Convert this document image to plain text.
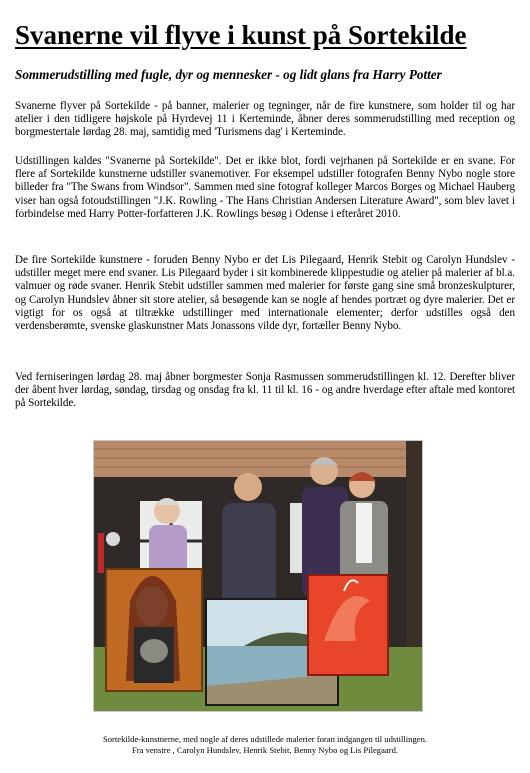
Svanerne vil flyve i kunst på Sortekilde
Sommerudstilling med fugle, dyr og mennesker - og lidt glans fra Harry Potter

Svanerne flyver på Sortekilde - på banner, malerier og tegninger, når de fire kunstnere, som holder til og har atelier i den tidligere højskole på Hyrdevej 11 i Kerteminde, åbner deres sommerudstilling med reception og borgmestertale lørdag 28. maj, samtidig med 'Turismens dag' i Kerteminde.

Udstillingen kaldes "Svanerne på Sortekilde". Det er ikke blot, fordi vejrhanen på Sortekilde er en svane. For flere af Sortekilde kunstnerne udstiller svanemotiver. For eksempel udstiller fotografen Benny Nybo nogle store billeder fra "The Swans from Windsor". Sammen med sine fotograf kolleger Marcos Borges og Michael Hauberg viser han også fotoudstillingen "J.K. Rowling - The Hans Christian Andersen Literature Award", som blev lavet i forbindelse med Harry Potter-forfatteren J.K. Rowlings besøg i Odense i efteråret 2010.

De fire Sortekilde kunstnere - foruden Benny Nybo er det Lis Pilegaard, Henrik Stebit og Carolyn Hundslev - udstiller meget mere end svaner. Lis Pilegaard byder i sit kombinerede klippestudie og atelier på malerier af bl.a. valmuer og røde svaner. Henrik Stebit udstiller sammen med malerier for første gang sine små bronzeskulpturer, og Carolyn Hundslev åbner sit store atelier, så besøgende kan se nogle af hendes portræt og dyre malerier. Det er vigtigt for os også at tiltrække udstillinger med internationale elementer; derfor udstilles også den verdensberømte, svenske glaskunstner Mats Jonassons vilde dyr, fortæller Benny Nybo.

Ved ferniseringen lørdag 28. maj åbner borgmester Sonja Rasmussen sommerudstillingen kl. 12. Derefter bliver der åbent hver lørdag, søndag, tirsdag og onsdag fra kl. 11 til kl. 16 - og andre hverdage efter aftale med kontoret på Sortekilde.

Sortekilde-kunstnerne, med nogle af deres udstillede malerier foran indgangen til udstillingen.
Fra venstre , Carolyn Hundslev, Henrik Stebit, Benny Nybo og Lis Pilegaard.
